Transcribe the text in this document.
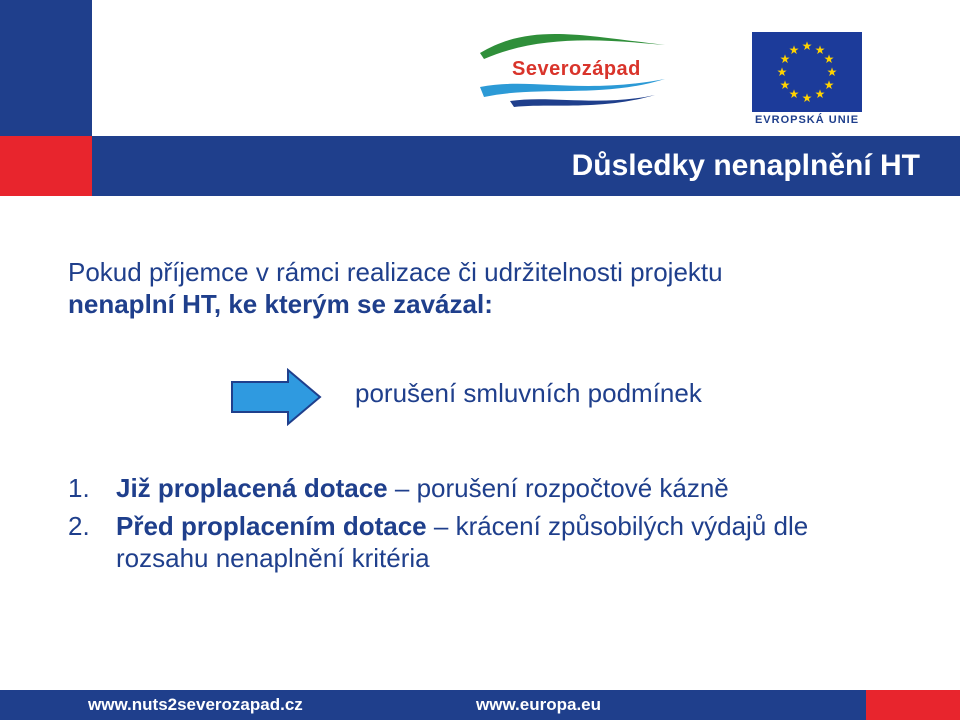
Důsledky nenaplnění HT
Severozápad
★ ★
★
★
★
★
★
★
★
★
★
★
EVROPSKÁ UNIE
Pokud příjemce v rámci realizace či udržitelnosti projektu
nenaplní HT, ke kterým se zavázal:
porušení smluvních podmínek
1.	Již proplacená dotace – porušení rozpočtové kázně
2.	Před proplacením dotace – krácení způsobilých výdajů dle rozsahu nenaplnění kritéria
www.nuts2severozapad.cz	www.europa.eu
